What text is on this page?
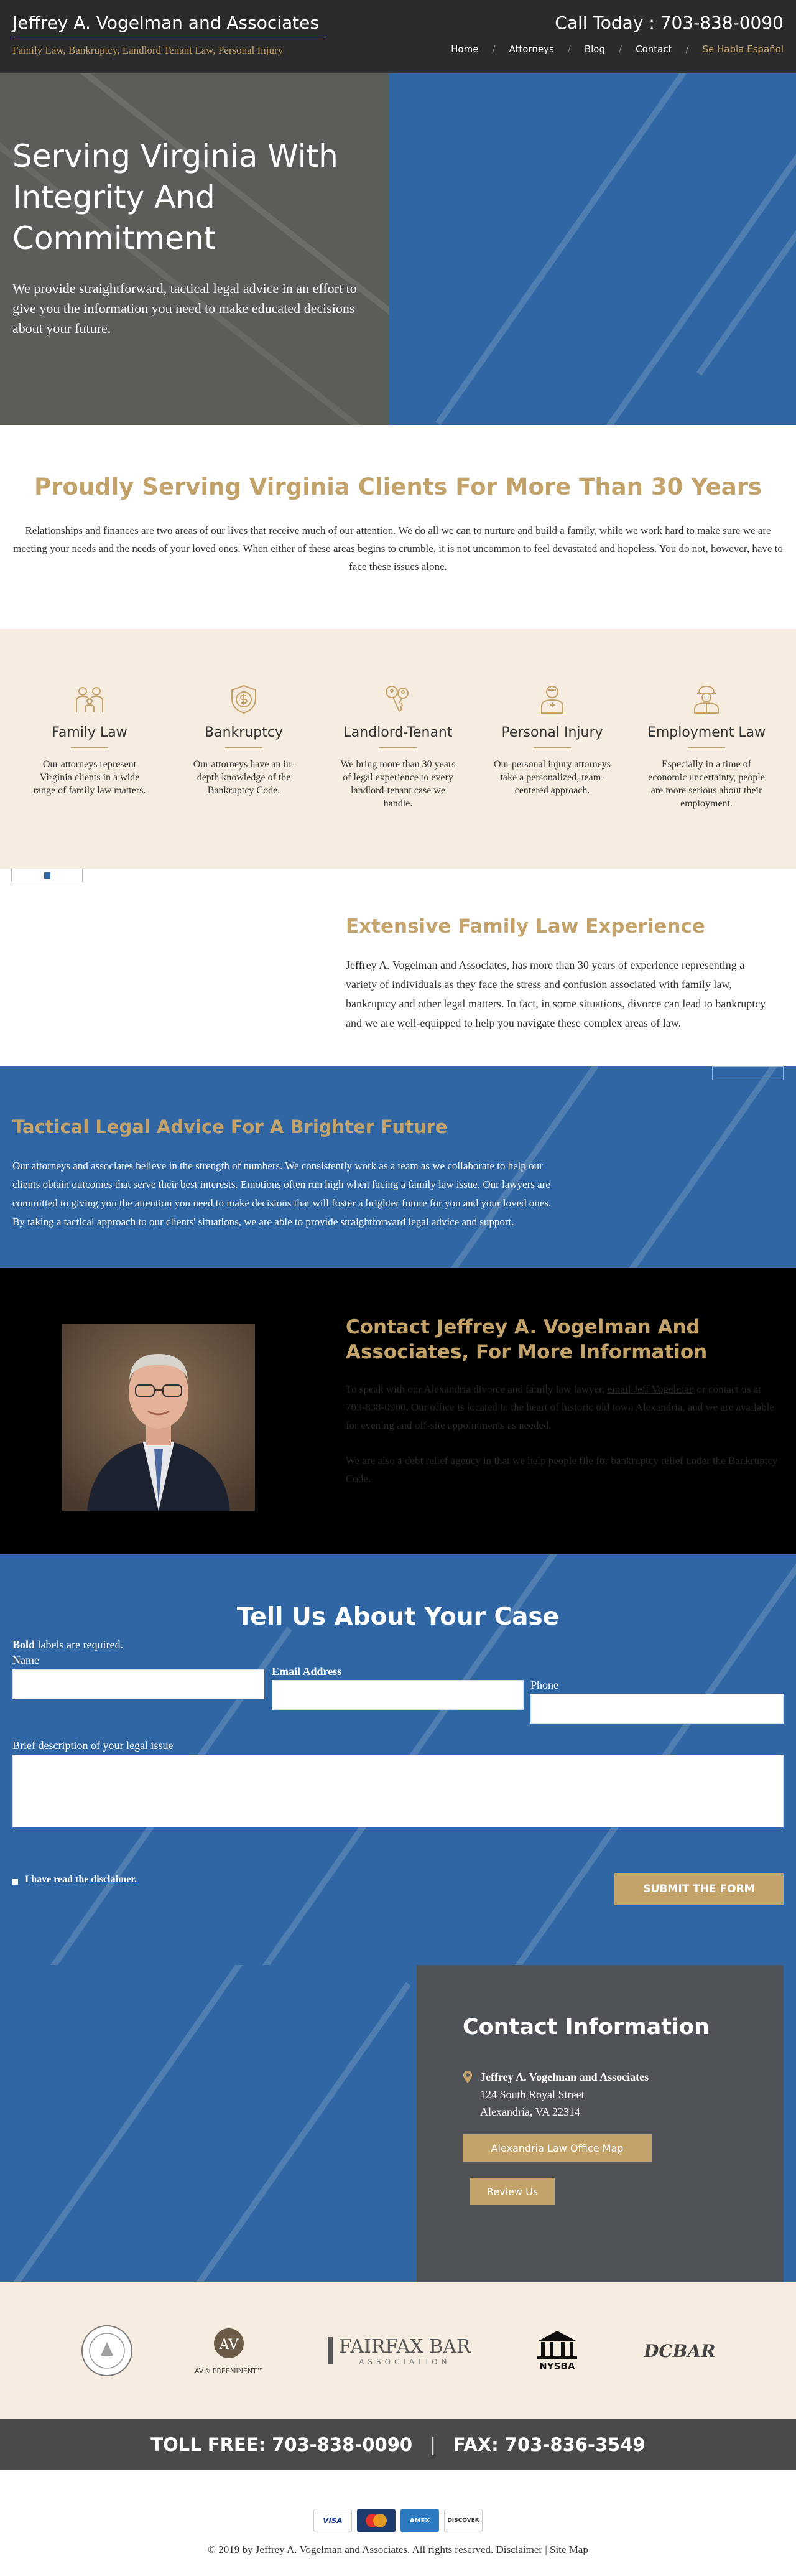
Jeffrey A. Vogelman and Associates
Family Law, Bankruptcy, Landlord Tenant Law, Personal Injury
Call Today : 703-838-0090
Home / Attorneys / Blog / Contact / Se Habla Español
Serving Virginia With Integrity And Commitment

We provide straightforward, tactical legal advice in an effort to give you the information you need to make educated decisions about your future.

Proudly Serving Virginia Clients For More Than 30 Years

Relationships and finances are two areas of our lives that receive much of our attention. We do all we can to nurture and build a family, while we work hard to make sure we are meeting your needs and the needs of your loved ones. When either of these areas begins to crumble, it is not uncommon to feel devastated and hopeless. You do not, however, have to face these issues alone.

Family Law

Our attorneys represent Virginia clients in a wide range of family law matters.

Bankruptcy

Our attorneys have an in-depth knowledge of the Bankruptcy Code.

Landlord-Tenant

We bring more than 30 years of legal experience to every landlord-tenant case we handle.

Personal Injury

Our personal injury attorneys take a personalized, team-centered approach.

Employment Law

Especially in a time of economic uncertainty, people are more serious about their employment.

Extensive Family Law Experience

Jeffrey A. Vogelman and Associates, has more than 30 years of experience representing a variety of individuals as they face the stress and confusion associated with family law, bankruptcy and other legal matters. In fact, in some situations, divorce can lead to bankruptcy and we are well-equipped to help you navigate these complex areas of law.

Tactical Legal Advice For A Brighter Future

Our attorneys and associates believe in the strength of numbers. We consistently work as a team as we collaborate to help our clients obtain outcomes that serve their best interests. Emotions often run high when facing a family law issue. Our lawyers are committed to giving you the attention you need to make decisions that will foster a brighter future for you and your loved ones. By taking a tactical approach to our clients' situations, we are able to provide straightforward legal advice and support.

Contact Jeffrey A. Vogelman And Associates, For More Information

To speak with our Alexandria divorce and family law lawyer, email Jeff Vogelman or contact us at 703-838-0900. Our office is located in the heart of historic old town Alexandria, and we are available for evening and off-site appointments as needed.

We are also a debt relief agency in that we help people file for bankruptcy relief under the Bankruptcy Code.

Tell Us About Your Case
Bold labels are required.
Name
Email Address
Phone
Brief description of your legal issue
I have read the disclaimer.
SUBMIT THE FORM
Contact Information
Jeffrey A. Vogelman and Associates
124 South Royal Street
Alexandria, VA 22314
Alexandria Law Office Map
Review Us
AV
AV® PREEMINENT™
FAIRFAX BAR
ASSOCIATION	NYSBA
DCBAR
TOLL FREE: 703-838-0090 | FAX: 703-836-3549
VISA	AMEX	DISCOVER
© 2019 by Jeffrey A. Vogelman and Associates. All rights reserved. Disclaimer | Site Map
